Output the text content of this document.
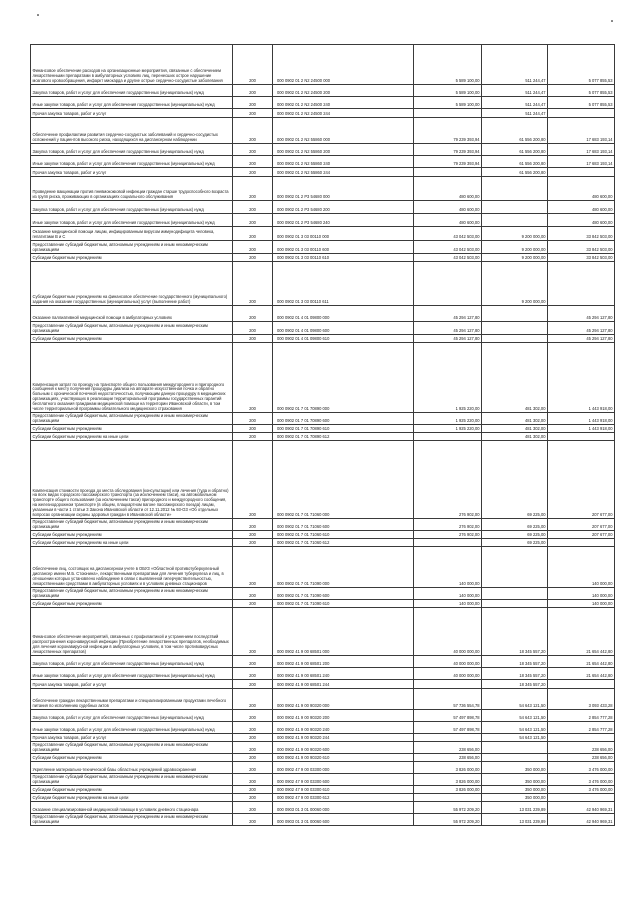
Финансовое обеспечение расходов на организационные мероприятия, связанные с обеспечением лекарственными препаратами в амбулаторных условиях лиц, перенесших острое нарушение мозгового кровообращения, инфаркт миокарда и другие острые сердечно-сосудистые заболевания	200	000 0902 01 2 N2 24500 000	5 589 100,00	511 244,47	5 077 855,53
Закупка товаров, работ и услуг для обеспечения государственных (муниципальных) нужд	200	000 0902 01 2 N2 24500 200	5 589 100,00	511 244,47	5 077 855,53
Иные закупки товаров, работ и услуг для обеспечения государственных (муниципальных) нужд	200	000 0902 01 2 N2 24500 240	5 589 100,00	511 244,47	5 077 855,53
Прочая закупка товаров, работ и услуг	200	000 0902 01 2 N2 24500 244		511 244,47	
Обеспечение профилактики развития сердечно-сосудистых заболеваний и сердечно-сосудистых осложнений у пациентов высокого риска, находящихся на диспансерном наблюдении	200	000 0902 01 2 N2 55860 000	79 239 393,94	61 556 200,80	17 683 193,14
Закупка товаров, работ и услуг для обеспечения государственных (муниципальных) нужд	200	000 0902 01 2 N2 55860 200	79 239 393,94	61 556 200,80	17 683 193,14
Иные закупки товаров, работ и услуг для обеспечения государственных (муниципальных) нужд	200	000 0902 01 2 N2 55860 240	79 239 393,94	61 556 200,80	17 683 193,14
Прочая закупка товаров, работ и услуг	200	000 0902 01 2 N2 55860 244		61 556 200,80	
Проведение вакцинации против пневмококковой инфекции граждан старше трудоспособного возраста из групп риска, проживающих в организациях социального обслуживания	200	000 0902 01 2 P3 54680 000	480 600,00		480 600,00
Закупка товаров, работ и услуг для обеспечения государственных (муниципальных) нужд	200	000 0902 01 2 P3 54680 200	480 600,00		480 600,00
Иные закупки товаров, работ и услуг для обеспечения государственных (муниципальных) нужд	200	000 0902 01 2 P3 54680 240	480 600,00		480 600,00
Оказание медицинской помощи лицам, инфицированным вирусом иммунодефицита человека, гепатитами B и C	200	000 0902 01 3 03 00110 000	43 042 503,00	9 200 000,00	33 842 503,00
Предоставление субсидий бюджетным, автономным учреждениям и иным некоммерческим организациям	200	000 0902 01 3 03 00110 600	43 042 503,00	9 200 000,00	33 842 503,00
Субсидии бюджетным учреждениям	200	000 0902 01 3 03 00110 610	43 042 503,00	9 200 000,00	33 842 503,00
Субсидии бюджетным учреждениям на финансовое обеспечение государственного (муниципального) задания на оказание государственных (муниципальных) услуг (выполнение работ)	200	000 0902 01 3 03 00110 611		9 200 000,00	
Оказание паллиативной медицинской помощи в амбулаторных условиях	200	000 0902 01 4 01 09800 000	45 294 127,80		45 294 127,80
Предоставление субсидий бюджетным, автономным учреждениям и иным некоммерческим организациям	200	000 0902 01 4 01 09800 600	45 294 127,80		45 294 127,80
Субсидии бюджетным учреждениям	200	000 0902 01 4 01 09800 610	45 294 127,80		45 294 127,80
Компенсация затрат по проезду на транспорте общего пользования междугороднего и пригородного сообщения к месту получения процедуры диализа на аппарате искусственная почка и обратно больным с хронической почечной недостаточностью, получающим данную процедуру в медицинских организациях, участвующих в реализации территориальной программы государственных гарантий бесплатного оказания гражданам медицинской помощи на территории Ивановской области, в том числе территориальной программы обязательного медицинского страхования	200	000 0902 01 7 01 70890 000	1 925 220,00	481 302,00	1 443 918,00
Предоставление субсидий бюджетным, автономным учреждениям и иным некоммерческим организациям	200	000 0902 01 7 01 70890 600	1 925 220,00	481 302,00	1 443 918,00
Субсидии бюджетным учреждениям	200	000 0902 01 7 01 70890 610	1 925 220,00	481 302,00	1 443 918,00
Субсидии бюджетным учреждениям на иные цели	200	000 0902 01 7 01 70890 612		481 302,00	
Компенсация стоимости проезда до места обследования (консультации) или лечения (туда и обратно) на всех видах городского пассажирского транспорта (за исключением такси), на автомобильном транспорте общего пользования (за исключением такси) пригородного и междугородного сообщения, на железнодорожном транспорте (в общем, плацкартном вагоне пассажирского поезда) лицам, указанным в части 1 статьи 3 Закона Ивановской области от 12.11.2012 № 93-ОЗ «Об отдельных вопросах организации охраны здоровья граждан в Ивановской области»	200	000 0902 01 7 01 71060 000	276 902,00	69 225,00	207 677,00
Предоставление субсидий бюджетным, автономным учреждениям и иным некоммерческим организациям	200	000 0902 01 7 01 71060 600	276 902,00	69 225,00	207 677,00
Субсидии бюджетным учреждениям	200	000 0902 01 7 01 71060 610	276 902,00	69 225,00	207 677,00
Субсидии бюджетным учреждениям на иные цели	200	000 0902 01 7 01 71060 612		69 225,00	
Обеспечение лиц, состоящих на диспансерном учете в ОБУЗ «Областной противотуберкулезный диспансер имени М.Б. Стоюнина», лекарственными препаратами для лечения туберкулеза и лиц, в отношении которых установлено наблюдение в связи с выявленной гиперчувствительностью, лекарственными средствами в амбулаторных условиях и в условиях дневных стационаров	200	000 0902 01 7 01 71090 000	140 000,00		140 000,00
Предоставление субсидий бюджетным, автономным учреждениям и иным некоммерческим организациям	200	000 0902 01 7 01 71090 600	140 000,00		140 000,00
Субсидии бюджетным учреждениям	200	000 0902 01 7 01 71090 610	140 000,00		140 000,00
Финансовое обеспечение мероприятий, связанных с профилактикой и устранением последствий распространения коронавирусной инфекции (Приобретение лекарственных препаратов, необходимых для лечения коронавирусной инфекции в амбулаторных условиях, в том числе противовирусных лекарственных препаратов)	200	000 0902 41 9 00 68501 000	40 000 000,00	18 345 557,20	21 654 442,80
Закупка товаров, работ и услуг для обеспечения государственных (муниципальных) нужд	200	000 0902 41 9 00 68501 200	40 000 000,00	18 345 557,20	21 654 442,80
Иные закупки товаров, работ и услуг для обеспечения государственных (муниципальных) нужд	200	000 0902 41 9 00 68501 240	40 000 000,00	18 345 557,20	21 654 442,80
Прочая закупка товаров, работ и услуг	200	000 0902 41 9 00 68501 244		18 345 557,20	
Обеспечение граждан лекарственными препаратами и специализированными продуктами лечебного питания по исполнению судебных актов	200	000 0902 41 9 00 90320 000	57 736 554,78	54 643 121,50	3 093 433,28
Закупка товаров, работ и услуг для обеспечения государственных (муниципальных) нужд	200	000 0902 41 9 00 90320 200	57 497 898,78	54 643 121,50	2 854 777,28
Иные закупки товаров, работ и услуг для обеспечения государственных (муниципальных) нужд	200	000 0902 41 9 00 90320 240	57 497 898,78	54 643 121,50	2 854 777,28
Прочая закупка товаров, работ и услуг	200	000 0902 41 9 00 90320 244		54 643 121,50	
Предоставление субсидий бюджетным, автономным учреждениям и иным некоммерческим организациям	200	000 0902 41 9 00 90320 600	238 656,00		238 656,00
Субсидии бюджетным учреждениям	200	000 0902 41 9 00 90320 610	238 656,00		238 656,00
Укрепление материально-технической базы областных учреждений здравоохранения	200	000 0902 47 9 00 03300 000	3 826 000,00	350 000,00	3 476 000,00
Предоставление субсидий бюджетным, автономным учреждениям и иным некоммерческим организациям	200	000 0902 47 9 00 03300 600	3 826 000,00	350 000,00	3 476 000,00
Субсидии бюджетным учреждениям	200	000 0902 47 9 00 03300 610	3 826 000,00	350 000,00	3 476 000,00
Субсидии бюджетным учреждениям на иные цели	200	000 0902 47 9 00 03300 612		350 000,00	
Оказание специализированной медицинской помощи в условиях дневного стационара	200	000 0903 01 3 01 00060 000	55 972 209,20	13 031 239,89	42 940 969,31
Предоставление субсидий бюджетным, автономным учреждениям и иным некоммерческим организациям	200	000 0903 01 3 01 00060 600	55 972 209,20	13 031 239,89	42 940 969,31
